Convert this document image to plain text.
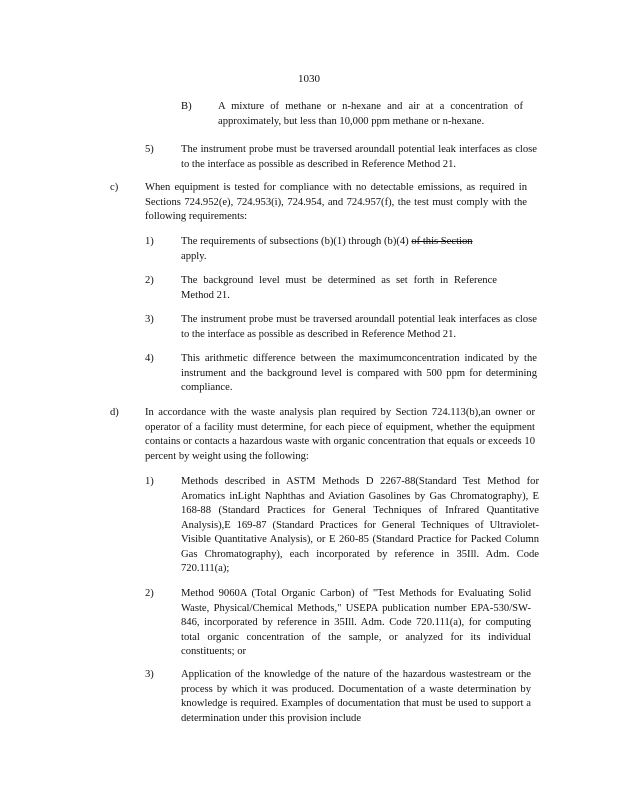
1030
B) A mixture of methane or n-hexane and air at a concentration of approximately, but less than 10,000 ppm methane or n-hexane.
5)	The instrument probe must be traversed aroundall potential leak interfaces as close to the interface as possible as described in Reference Method 21.
c)	When equipment is tested for compliance with no detectable emissions, as required in Sections 724.952(e), 724.953(i), 724.954, and 724.957(f), the test must comply with the following requirements:
1)	The requirements of subsections (b)(1) through (b)(4) of this Section
apply.
2)	The background level must be determined as set forth in Reference Method 21.
3)	The instrument probe must be traversed aroundall potential leak interfaces as close to the interface as possible as described in Reference Method 21.
4)	This arithmetic difference between the maximumconcentration indicated by the instrument and the background level is compared with 500 ppm for determining compliance.
d) In accordance with the waste analysis plan required by Section 724.113(b),an owner or operator of a facility must determine, for each piece of equipment, whether the equipment contains or contacts a hazardous waste with organic concentration that equals or exceeds 10 percent by weight using the following:
1)	Methods described in ASTM Methods D 2267-88(Standard Test Method for Aromatics inLight Naphthas and Aviation Gasolines by Gas Chromatography), E 168-88 (Standard Practices for General Techniques of Infrared Quantitative Analysis),E 169-87 (Standard Practices for General Techniques of Ultraviolet-Visible Quantitative Analysis), or E 260-85 (Standard Practice for Packed Column Gas Chromatography), each incorporated by reference in 35Ill. Adm. Code 720.111(a);
2)	Method 9060A (Total Organic Carbon) of "Test Methods for Evaluating Solid Waste, Physical/Chemical Methods," USEPA publication number EPA-530/SW-846, incorporated by reference in 35Ill. Adm. Code 720.111(a), for computing total organic concentration of the sample, or analyzed for its individual constituents; or
3)	Application of the knowledge of the nature of the hazardous wastestream or the process by which it was produced. Documentation of a waste determination by knowledge is required. Examples of documentation that must be used to support a determination under this provision include
